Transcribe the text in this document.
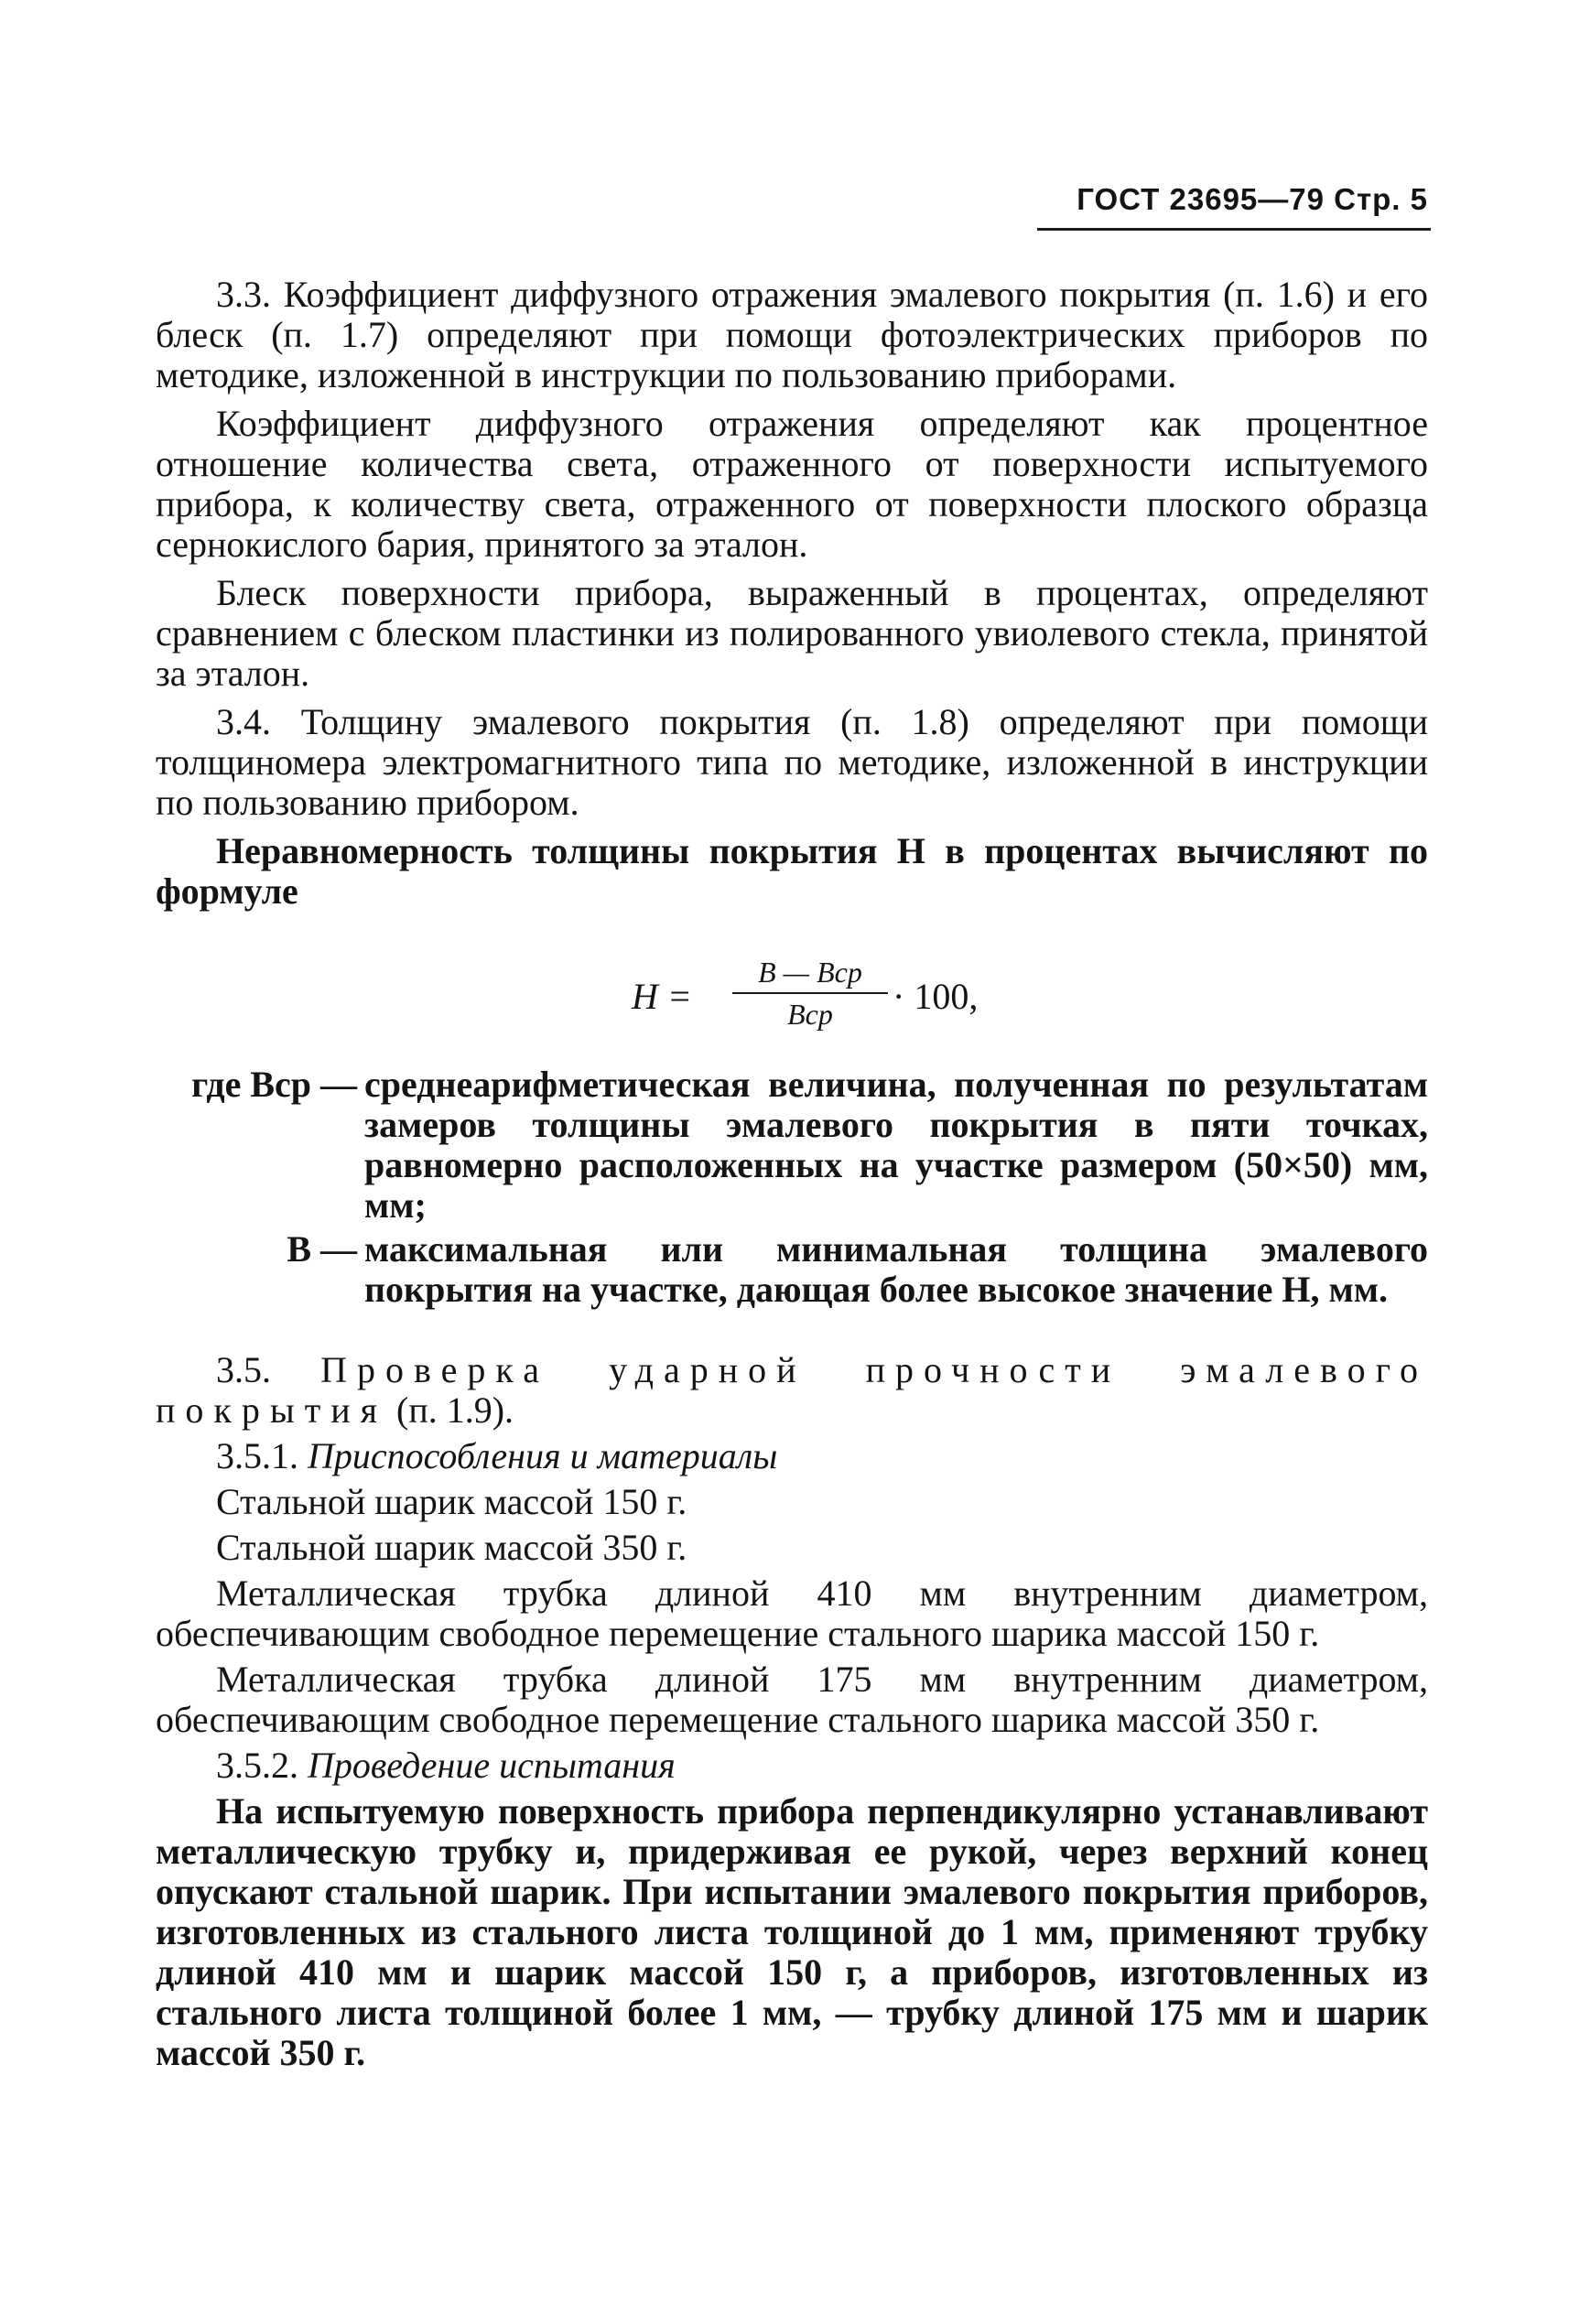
ГОСТ 23695—79 Стр. 5

3.3. Коэффициент диффузного отражения эмалевого покрытия (п. 1.6) и его блеск (п. 1.7) определяют при помощи фотоэлектрических приборов по методике, изложенной в инструкции по пользованию приборами.

Коэффициент диффузного отражения определяют как процентное отношение количества света, отраженного от поверхности испытуемого прибора, к количеству света, отраженного от поверхности плоского образца сернокислого бария, принятого за эталон.

Блеск поверхности прибора, выраженный в процентах, определяют сравнением с блеском пластинки из полированного увиолевого стекла, принятой за эталон.

3.4. Толщину эмалевого покрытия (п. 1.8) определяют при помощи толщиномера электромагнитного типа по методике, изложенной в инструкции по пользованию прибором.

Неравномерность толщины покрытия Н в процентах вычисляют по формуле

Н =
В — Вср
Вср	· 100,
где Вср — среднеарифметическая величина, полученная по результатам замеров толщины эмалевого покрытия в пяти точках, равномерно расположенных на участке размером (50×50) мм, мм;
В — максимальная или минимальная толщина эмалевого покрытия на участке, дающая более высокое значение Н, мм.

3.5. Проверка ударной прочности эмалевого покрытия (п. 1.9).

3.5.1. Приспособления и материалы

Стальной шарик массой 150 г.

Стальной шарик массой 350 г.

Металлическая трубка длиной 410 мм внутренним диаметром, обеспечивающим свободное перемещение стального шарика массой 150 г.

Металлическая трубка длиной 175 мм внутренним диаметром, обеспечивающим свободное перемещение стального шарика массой 350 г.

3.5.2. Проведение испытания

На испытуемую поверхность прибора перпендикулярно устанавливают металлическую трубку и, придерживая ее рукой, через верхний конец опускают стальной шарик. При испытании эмалевого покрытия приборов, изготовленных из стального листа толщиной до 1 мм, применяют трубку длиной 410 мм и шарик массой 150 г, а приборов, изготовленных из стального листа толщиной более 1 мм, — трубку длиной 175 мм и шарик массой 350 г.
